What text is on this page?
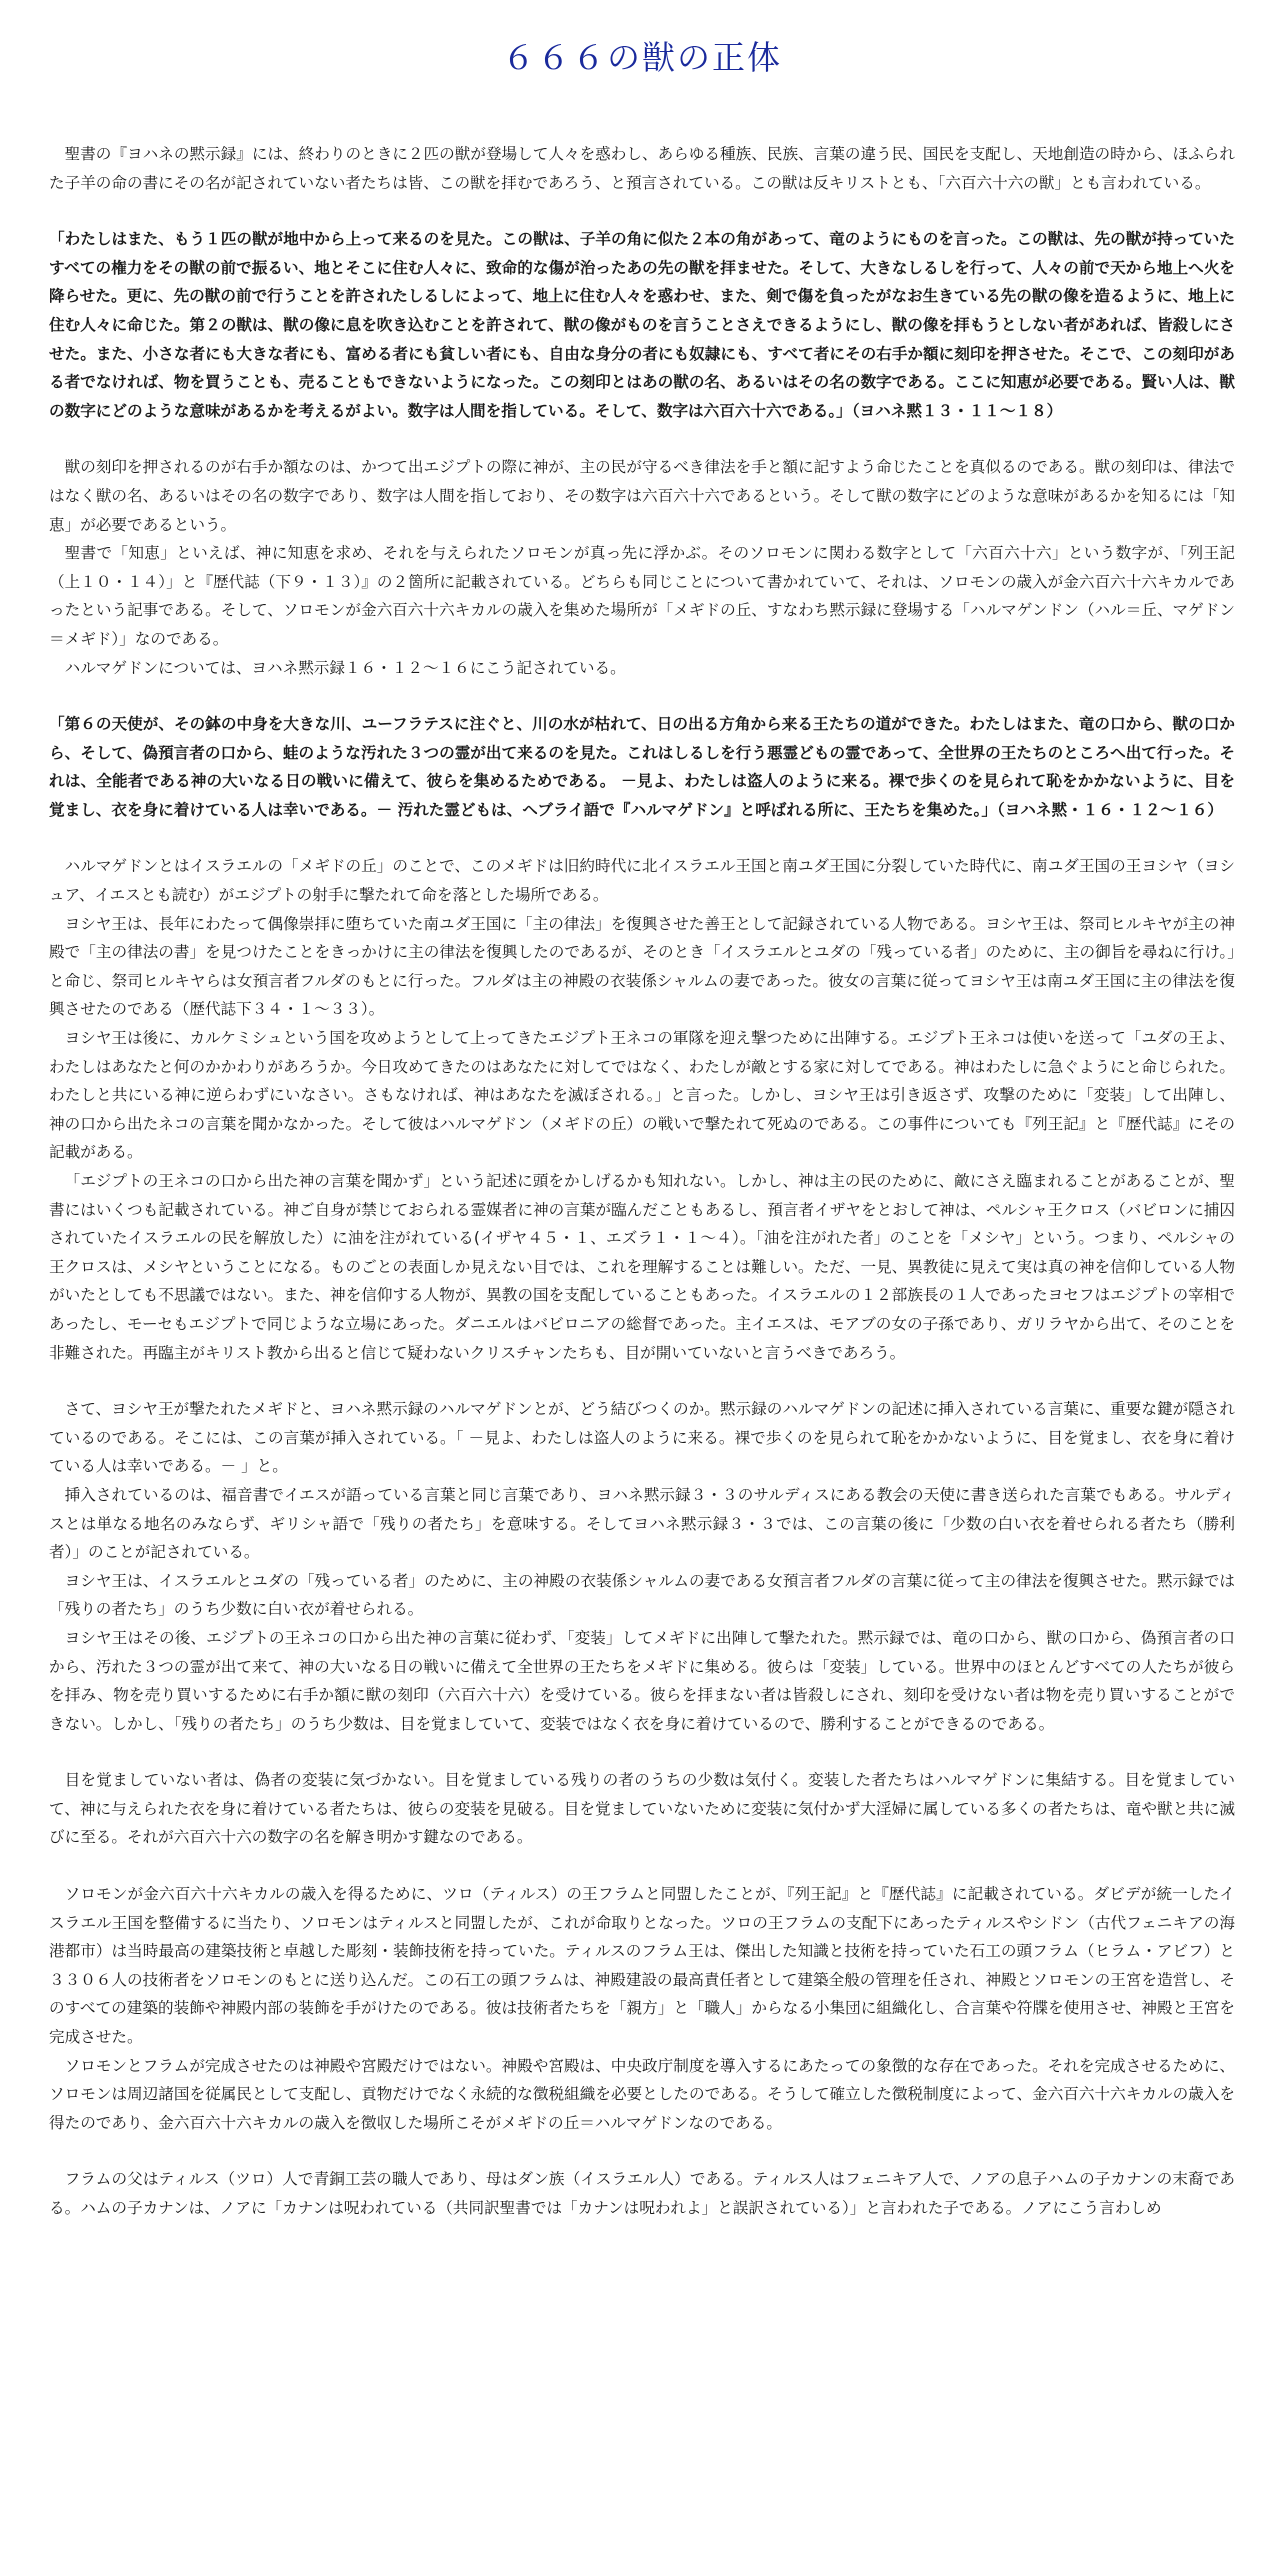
６６６の獣の正体

聖書の『ヨハネの黙示録』には、終わりのときに２匹の獣が登場して人々を惑わし、あらゆる種族、民族、言葉の違う民、国民を支配し、天地創造の時から、ほふられた子羊の命の書にその名が記されていない者たちは皆、この獣を拝むであろう、と預言されている。この獣は反キリストとも、「六百六十六の獣」とも言われている。

「わたしはまた、もう１匹の獣が地中から上って来るのを見た。この獣は、子羊の角に似た２本の角があって、竜のようにものを言った。この獣は、先の獣が持っていたすべての権力をその獣の前で振るい、地とそこに住む人々に、致命的な傷が治ったあの先の獣を拝ませた。そして、大きなしるしを行って、人々の前で天から地上へ火を降らせた。更に、先の獣の前で行うことを許されたしるしによって、地上に住む人々を惑わせ、また、剣で傷を負ったがなお生きている先の獣の像を造るように、地上に住む人々に命じた。第２の獣は、獣の像に息を吹き込むことを許されて、獣の像がものを言うことさえできるようにし、獣の像を拝もうとしない者があれば、皆殺しにさせた。また、小さな者にも大きな者にも、富める者にも貧しい者にも、自由な身分の者にも奴隷にも、すべて者にその右手か額に刻印を押させた。そこで、この刻印がある者でなければ、物を買うことも、売ることもできないようになった。この刻印とはあの獣の名、あるいはその名の数字である。ここに知恵が必要である。賢い人は、獣の数字にどのような意味があるかを考えるがよい。数字は人間を指している。そして、数字は六百六十六である。」（ヨハネ黙１３・１１～１８）

獣の刻印を押されるのが右手か額なのは、かつて出エジプトの際に神が、主の民が守るべき律法を手と額に記すよう命じたことを真似るのである。獣の刻印は、律法ではなく獣の名、あるいはその名の数字であり、数字は人間を指しており、その数字は六百六十六であるという。そして獣の数字にどのような意味があるかを知るには「知恵」が必要であるという。

聖書で「知恵」といえば、神に知恵を求め、それを与えられたソロモンが真っ先に浮かぶ。そのソロモンに関わる数字として「六百六十六」という数字が、「列王記（上１０・１４）」と『歴代誌（下９・１３）』の２箇所に記載されている。どちらも同じことについて書かれていて、それは、ソロモンの歳入が金六百六十六キカルであったという記事である。そして、ソロモンが金六百六十六キカルの歳入を集めた場所が「メギドの丘、すなわち黙示録に登場する「ハルマゲンドン（ハル＝丘、マゲドン＝メギド）」なのである。

ハルマゲドンについては、ヨハネ黙示録１６・１２～１６にこう記されている。

「第６の天使が、その鉢の中身を大きな川、ユーフラテスに注ぐと、川の水が枯れて、日の出る方角から来る王たちの道ができた。わたしはまた、竜の口から、獣の口から、そして、偽預言者の口から、蛙のような汚れた３つの霊が出て来るのを見た。これはしるしを行う悪霊どもの霊であって、全世界の王たちのところへ出て行った。それは、全能者である神の大いなる日の戦いに備えて、彼らを集めるためである。 －見よ、わたしは盗人のように来る。裸で歩くのを見られて恥をかかないように、目を覚まし、衣を身に着けている人は幸いである。－ 汚れた霊どもは、ヘブライ語で『ハルマゲドン』と呼ばれる所に、王たちを集めた。」（ヨハネ黙・１６・１２～１６）

ハルマゲドンとはイスラエルの「メギドの丘」のことで、このメギドは旧約時代に北イスラエル王国と南ユダ王国に分裂していた時代に、南ユダ王国の王ヨシヤ（ヨシュア、イエスとも読む）がエジプトの射手に撃たれて命を落とした場所である。

ヨシヤ王は、長年にわたって偶像崇拝に堕ちていた南ユダ王国に「主の律法」を復興させた善王として記録されている人物である。ヨシヤ王は、祭司ヒルキヤが主の神殿で「主の律法の書」を見つけたことをきっかけに主の律法を復興したのであるが、そのとき「イスラエルとユダの「残っている者」のために、主の御旨を尋ねに行け。」と命じ、祭司ヒルキヤらは女預言者フルダのもとに行った。フルダは主の神殿の衣装係シャルムの妻であった。彼女の言葉に従ってヨシヤ王は南ユダ王国に主の律法を復興させたのである（歴代誌下３４・１～３３）。

ヨシヤ王は後に、カルケミシュという国を攻めようとして上ってきたエジプト王ネコの軍隊を迎え撃つために出陣する。エジプト王ネコは使いを送って「ユダの王よ、わたしはあなたと何のかかわりがあろうか。今日攻めてきたのはあなたに対してではなく、わたしが敵とする家に対してである。神はわたしに急ぐようにと命じられた。わたしと共にいる神に逆らわずにいなさい。さもなければ、神はあなたを滅ぼされる。」と言った。しかし、ヨシヤ王は引き返さず、攻撃のために「変装」して出陣し、神の口から出たネコの言葉を聞かなかった。そして彼はハルマゲドン（メギドの丘）の戦いで撃たれて死ぬのである。この事件についても『列王記』と『歴代誌』にその記載がある。

「エジプトの王ネコの口から出た神の言葉を聞かず」という記述に頭をかしげるかも知れない。しかし、神は主の民のために、敵にさえ臨まれることがあることが、聖書にはいくつも記載されている。神ご自身が禁じておられる霊媒者に神の言葉が臨んだこともあるし、預言者イザヤをとおして神は、ペルシャ王クロス（バビロンに捕囚されていたイスラエルの民を解放した）に油を注がれている(イザヤ４５・１、エズラ１・１～４）。「油を注がれた者」のことを「メシヤ」という。つまり、ペルシャの王クロスは、メシヤということになる。ものごとの表面しか見えない目では、これを理解することは難しい。ただ、一見、異教徒に見えて実は真の神を信仰している人物がいたとしても不思議ではない。また、神を信仰する人物が、異教の国を支配していることもあった。イスラエルの１２部族長の１人であったヨセフはエジプトの宰相であったし、モーセもエジプトで同じような立場にあった。ダニエルはバビロニアの総督であった。主イエスは、モアブの女の子孫であり、ガリラヤから出て、そのことを非難された。再臨主がキリスト教から出ると信じて疑わないクリスチャンたちも、目が開いていないと言うべきであろう。

さて、ヨシヤ王が撃たれたメギドと、ヨハネ黙示録のハルマゲドンとが、どう結びつくのか。黙示録のハルマゲドンの記述に挿入されている言葉に、重要な鍵が隠されているのである。そこには、この言葉が挿入されている。「 －見よ、わたしは盗人のように来る。裸で歩くのを見られて恥をかかないように、目を覚まし、衣を身に着けている人は幸いである。－ 」と。

挿入されているのは、福音書でイエスが語っている言葉と同じ言葉であり、ヨハネ黙示録３・３のサルディスにある教会の天使に書き送られた言葉でもある。サルディスとは単なる地名のみならず、ギリシャ語で「残りの者たち」を意味する。そしてヨハネ黙示録３・３では、この言葉の後に「少数の白い衣を着せられる者たち（勝利者）」のことが記されている。

ヨシヤ王は、イスラエルとユダの「残っている者」のために、主の神殿の衣装係シャルムの妻である女預言者フルダの言葉に従って主の律法を復興させた。黙示録では「残りの者たち」のうち少数に白い衣が着せられる。

ヨシヤ王はその後、エジプトの王ネコの口から出た神の言葉に従わず、「変装」してメギドに出陣して撃たれた。黙示録では、竜の口から、獣の口から、偽預言者の口から、汚れた３つの霊が出て来て、神の大いなる日の戦いに備えて全世界の王たちをメギドに集める。彼らは「変装」している。世界中のほとんどすべての人たちが彼らを拝み、物を売り買いするために右手か額に獣の刻印（六百六十六）を受けている。彼らを拝まない者は皆殺しにされ、刻印を受けない者は物を売り買いすることができない。しかし、「残りの者たち」のうち少数は、目を覚ましていて、変装ではなく衣を身に着けているので、勝利することができるのである。

目を覚ましていない者は、偽者の変装に気づかない。目を覚ましている残りの者のうちの少数は気付く。変装した者たちはハルマゲドンに集結する。目を覚ましていて、神に与えられた衣を身に着けている者たちは、彼らの変装を見破る。目を覚ましていないために変装に気付かず大淫婦に属している多くの者たちは、竜や獣と共に滅びに至る。それが六百六十六の数字の名を解き明かす鍵なのである。

ソロモンが金六百六十六キカルの歳入を得るために、ツロ（ティルス）の王フラムと同盟したことが、『列王記』と『歴代誌』に記載されている。ダビデが統一したイスラエル王国を整備するに当たり、ソロモンはティルスと同盟したが、これが命取りとなった。ツロの王フラムの支配下にあったティルスやシドン（古代フェニキアの海港都市）は当時最高の建築技術と卓越した彫刻・装飾技術を持っていた。ティルスのフラム王は、傑出した知識と技術を持っていた石工の頭フラム（ヒラム・アビフ）と３３０６人の技術者をソロモンのもとに送り込んだ。この石工の頭フラムは、神殿建設の最高責任者として建築全般の管理を任され、神殿とソロモンの王宮を造営し、そのすべての建築的装飾や神殿内部の装飾を手がけたのである。彼は技術者たちを「親方」と「職人」からなる小集団に組織化し、合言葉や符牒を使用させ、神殿と王宮を完成させた。

ソロモンとフラムが完成させたのは神殿や宮殿だけではない。神殿や宮殿は、中央政庁制度を導入するにあたっての象徴的な存在であった。それを完成させるために、ソロモンは周辺諸国を従属民として支配し、貢物だけでなく永続的な徴税組織を必要としたのである。そうして確立した徴税制度によって、金六百六十六キカルの歳入を得たのであり、金六百六十六キカルの歳入を徴収した場所こそがメギドの丘＝ハルマゲドンなのである。

フラムの父はティルス（ツロ）人で青銅工芸の職人であり、母はダン族（イスラエル人）である。ティルス人はフェニキア人で、ノアの息子ハムの子カナンの末裔である。ハムの子カナンは、ノアに「カナンは呪われている（共同訳聖書では「カナンは呪われよ」と誤訳されている）」と言われた子である。ノアにこう言わしめ
